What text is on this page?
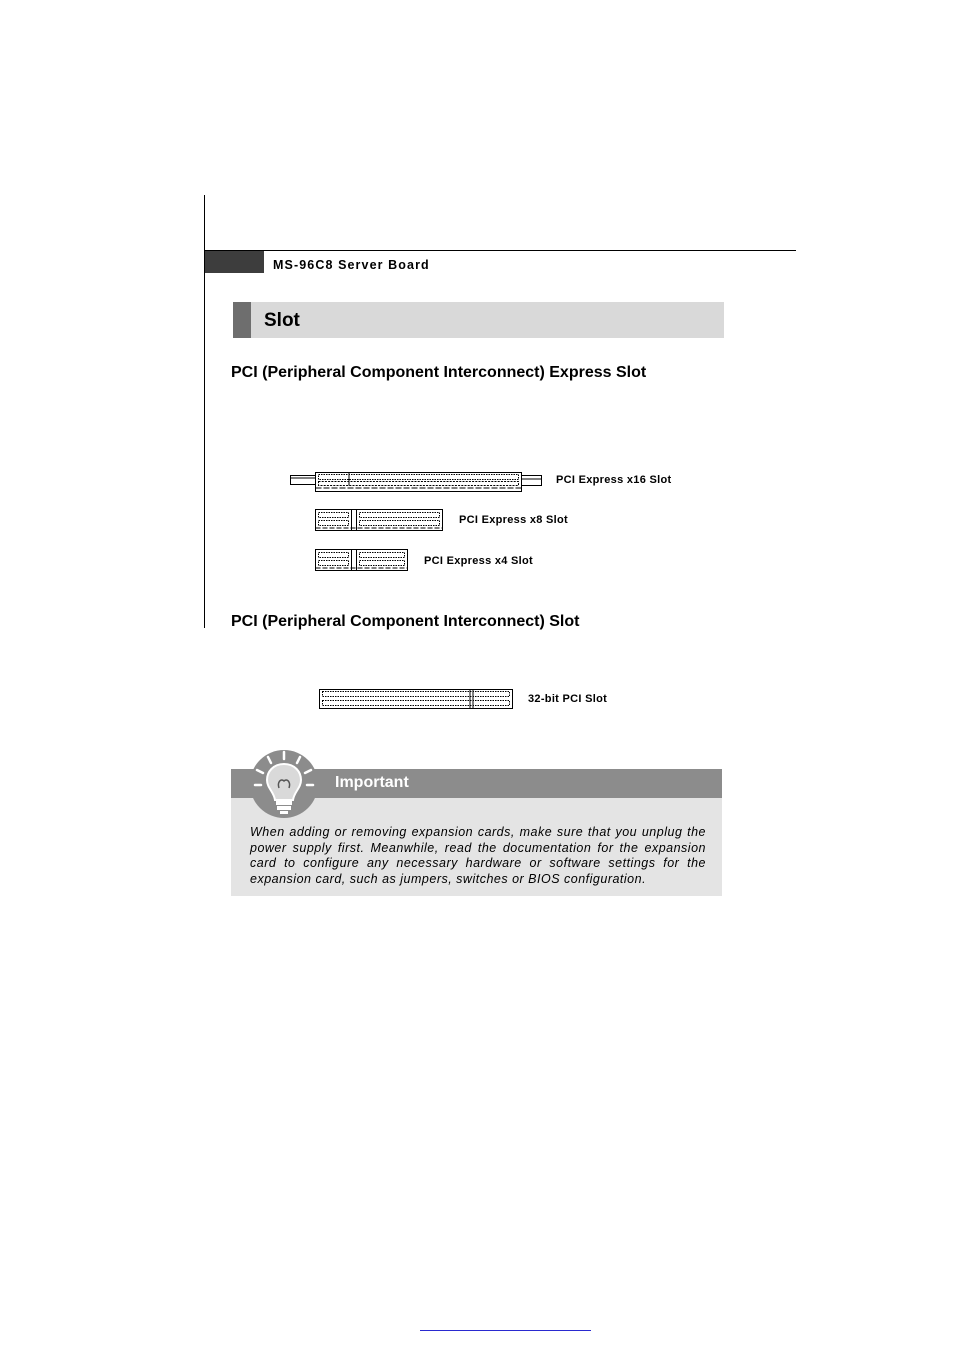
MS-96C8 Server Board
Slot
PCI (Peripheral Component Interconnect) Express Slot
PCI Express x16 Slot
PCI Express x8 Slot
PCI Express x4 Slot
PCI (Peripheral Component Interconnect) Slot
32-bit PCI Slot
Important

When adding or removing expansion cards, make sure that you unplug the power supply first. Meanwhile, read the documentation for the expansion card to configure any necessary hardware or software settings for the expansion card, such as jumpers, switches or BIOS configuration.
